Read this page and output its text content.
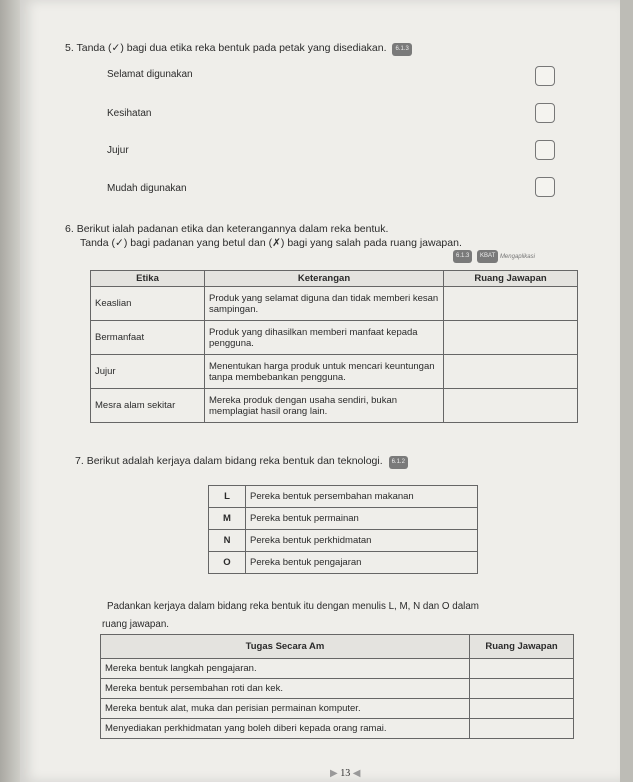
5. Tanda (✓) bagi dua etika reka bentuk pada petak yang disediakan. 6.1.3
Selamat digunakan
Kesihatan
Jujur
Mudah digunakan
6. Berikut ialah padanan etika dan keterangannya dalam reka bentuk.
Tanda (✓) bagi padanan yang betul dan (✗) bagi yang salah pada ruang jawapan.
6.1.3 KBAT Mengaplikasi
Etika	Keterangan	Ruang Jawapan
Keaslian	Produk yang selamat diguna dan tidak memberi kesan sampingan.	
Bermanfaat	Produk yang dihasilkan memberi manfaat kepada pengguna.	
Jujur	Menentukan harga produk untuk mencari keuntungan tanpa membebankan pengguna.	
Mesra alam sekitar	Mereka produk dengan usaha sendiri, bukan memplagiat hasil orang lain.	
7. Berikut adalah kerjaya dalam bidang reka bentuk dan teknologi. 6.1.2
L	Pereka bentuk persembahan makanan
M	Pereka bentuk permainan
N	Pereka bentuk perkhidmatan
O	Pereka bentuk pengajaran
Padankan kerjaya dalam bidang reka bentuk itu dengan menulis L, M, N dan O dalam
ruang jawapan.
Tugas Secara Am	Ruang Jawapan
Mereka bentuk langkah pengajaran.	
Mereka bentuk persembahan roti dan kek.	
Mereka bentuk alat, muka dan perisian permainan komputer.	
Menyediakan perkhidmatan yang boleh diberi kepada orang ramai.	
▶ 13 ◀
